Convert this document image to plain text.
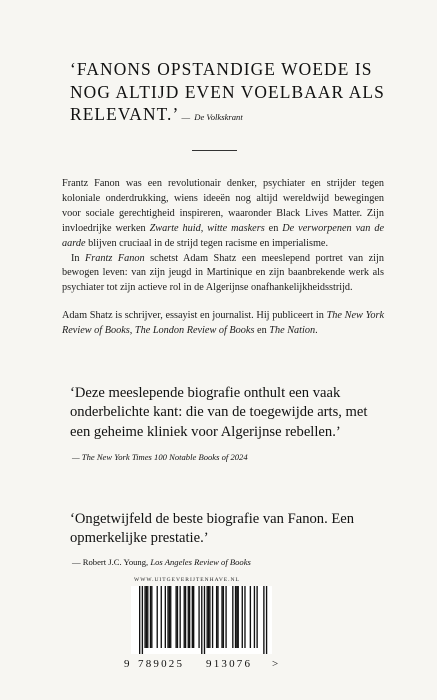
‘FANONS OPSTANDIGE WOEDE IS NOG ALTIJD EVEN VOELBAAR ALS RELEVANT.’ — De Volkskrant

Frantz Fanon was een revolutionair denker, psychiater en strijder tegen koloniale onderdrukking, wiens ideeën nog altijd wereldwijd bewegingen voor sociale gerechtigheid inspireren, waaronder Black Lives Matter. Zijn invloedrijke werken Zwarte huid, witte maskers en De verworpenen van de aarde blijven cruciaal in de strijd tegen racisme en imperialisme.

In Frantz Fanon schetst Adam Shatz een meeslepend portret van zijn bewogen leven: van zijn jeugd in Martinique en zijn baanbrekende werk als psychiater tot zijn actieve rol in de Algerijnse onafhankelijkheidsstrijd.

Adam Shatz is schrijver, essayist en journalist. Hij publiceert in The New York Review of Books, The London Review of Books en The Nation.

‘Deze meeslepende biografie onthult een vaak onderbelichte kant: die van de toegewijde arts, met een geheime kliniek voor Algerijnse rebellen.’
— The New York Times 100 Notable Books of 2024
‘Ongetwijfeld de beste biografie van Fanon. Een opmerkelijke prestatie.’
— Robert J.C. Young, Los Angeles Review of Books
WWW.UITGEVERIJTENHAVE.NL
9 789025	913076	>
